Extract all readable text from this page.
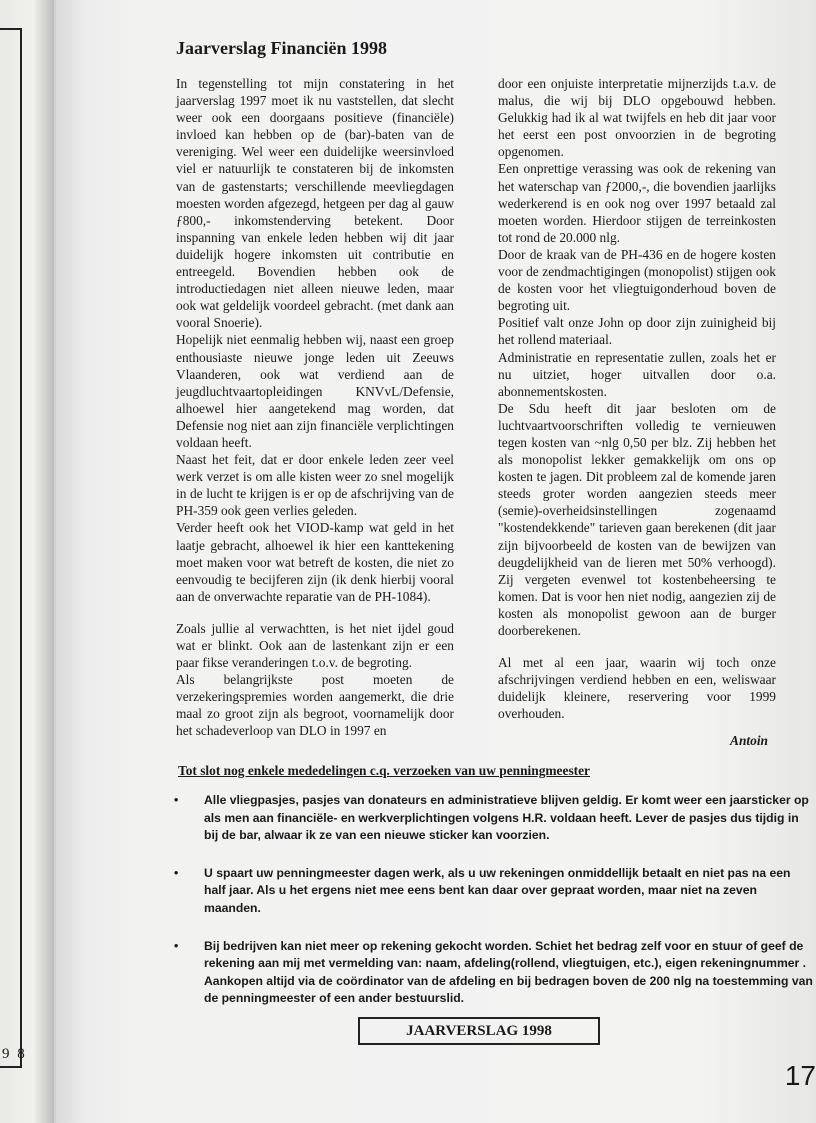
9 8
Jaarverslag Financiën 1998

In tegenstelling tot mijn constatering in het jaarverslag 1997 moet ik nu vaststellen, dat slecht weer ook een doorgaans positieve (financiële) invloed kan hebben op de (bar)-baten van de vereniging. Wel weer een duidelijke weersinvloed viel er natuurlijk te constateren bij de inkomsten van de gastenstarts; verschillende meevliegdagen moesten worden afgezegd, hetgeen per dag al gauw ƒ800,- inkomstenderving betekent. Door inspanning van enkele leden hebben wij dit jaar duidelijk hogere inkomsten uit contributie en entreegeld. Bovendien hebben ook de introductiedagen niet alleen nieuwe leden, maar ook wat geldelijk voordeel gebracht. (met dank aan vooral Snoerie).

Hopelijk niet eenmalig hebben wij, naast een groep enthousiaste nieuwe jonge leden uit Zeeuws Vlaanderen, ook wat verdiend aan de jeugdluchtvaartopleidingen KNVvL/Defensie, alhoewel hier aangetekend mag worden, dat Defensie nog niet aan zijn financiële verplichtingen voldaan heeft.

Naast het feit, dat er door enkele leden zeer veel werk verzet is om alle kisten weer zo snel mogelijk in de lucht te krijgen is er op de afschrijving van de PH-359 ook geen verlies geleden.

Verder heeft ook het VIOD-kamp wat geld in het laatje gebracht, alhoewel ik hier een kanttekening moet maken voor wat betreft de kosten, die niet zo eenvoudig te becijferen zijn (ik denk hierbij vooral aan de onverwachte reparatie van de PH-1084).

Zoals jullie al verwachtten, is het niet ijdel goud wat er blinkt. Ook aan de lastenkant zijn er een paar fikse veranderingen t.o.v. de begroting.

Als belangrijkste post moeten de verzekeringspremies worden aangemerkt, die drie maal zo groot zijn als begroot, voornamelijk door het schadeverloop van DLO in 1997 en

door een onjuiste interpretatie mijnerzijds t.a.v. de malus, die wij bij DLO opgebouwd hebben. Gelukkig had ik al wat twijfels en heb dit jaar voor het eerst een post onvoorzien in de begroting opgenomen.

Een onprettige verassing was ook de rekening van het waterschap van ƒ2000,-, die bovendien jaarlijks wederkerend is en ook nog over 1997 betaald zal moeten worden. Hierdoor stijgen de terreinkosten tot rond de 20.000 nlg.

Door de kraak van de PH-436 en de hogere kosten voor de zendmachtigingen (monopolist) stijgen ook de kosten voor het vliegtuigonderhoud boven de begroting uit.

Positief valt onze John op door zijn zuinigheid bij het rollend materiaal.

Administratie en representatie zullen, zoals het er nu uitziet, hoger uitvallen door o.a. abonnementskosten.

De Sdu heeft dit jaar besloten om de luchtvaartvoorschriften volledig te vernieuwen tegen kosten van ~nlg 0,50 per blz. Zij hebben het als monopolist lekker gemakkelijk om ons op kosten te jagen. Dit probleem zal de komende jaren steeds groter worden aangezien steeds meer (semie)-overheidsinstellingen zogenaamd "kostendekkende" tarieven gaan berekenen (dit jaar zijn bijvoorbeeld de kosten van de bewijzen van deugdelijkheid van de lieren met 50% verhoogd). Zij vergeten evenwel tot kostenbeheersing te komen. Dat is voor hen niet nodig, aangezien zij de kosten als monopolist gewoon aan de burger doorberekenen.

Al met al een jaar, waarin wij toch onze afschrijvingen verdiend hebben en een, weliswaar duidelijk kleinere, reservering voor 1999 overhouden.

Antoin

Tot slot nog enkele mededelingen c.q. verzoeken van uw penningmeester
• Alle vliegpasjes, pasjes van donateurs en administratieve blijven geldig. Er komt weer een jaarsticker op als men aan financiële- en werkverplichtingen volgens H.R. voldaan heeft. Lever de pasjes dus tijdig in bij de bar, alwaar ik ze van een nieuwe sticker kan voorzien.
• U spaart uw penningmeester dagen werk, als u uw rekeningen onmiddellijk betaalt en niet pas na een half jaar. Als u het ergens niet mee eens bent kan daar over gepraat worden, maar niet na zeven maanden.
• Bij bedrijven kan niet meer op rekening gekocht worden. Schiet het bedrag zelf voor en stuur of geef de rekening aan mij met vermelding van: naam, afdeling(rollend, vliegtuigen, etc.), eigen rekeningnummer .
Aankopen altijd via de coördinator van de afdeling en bij bedragen boven de 200 nlg na toestemming van de penningmeester of een ander bestuurslid.
JAARVERSLAG 1998
17
